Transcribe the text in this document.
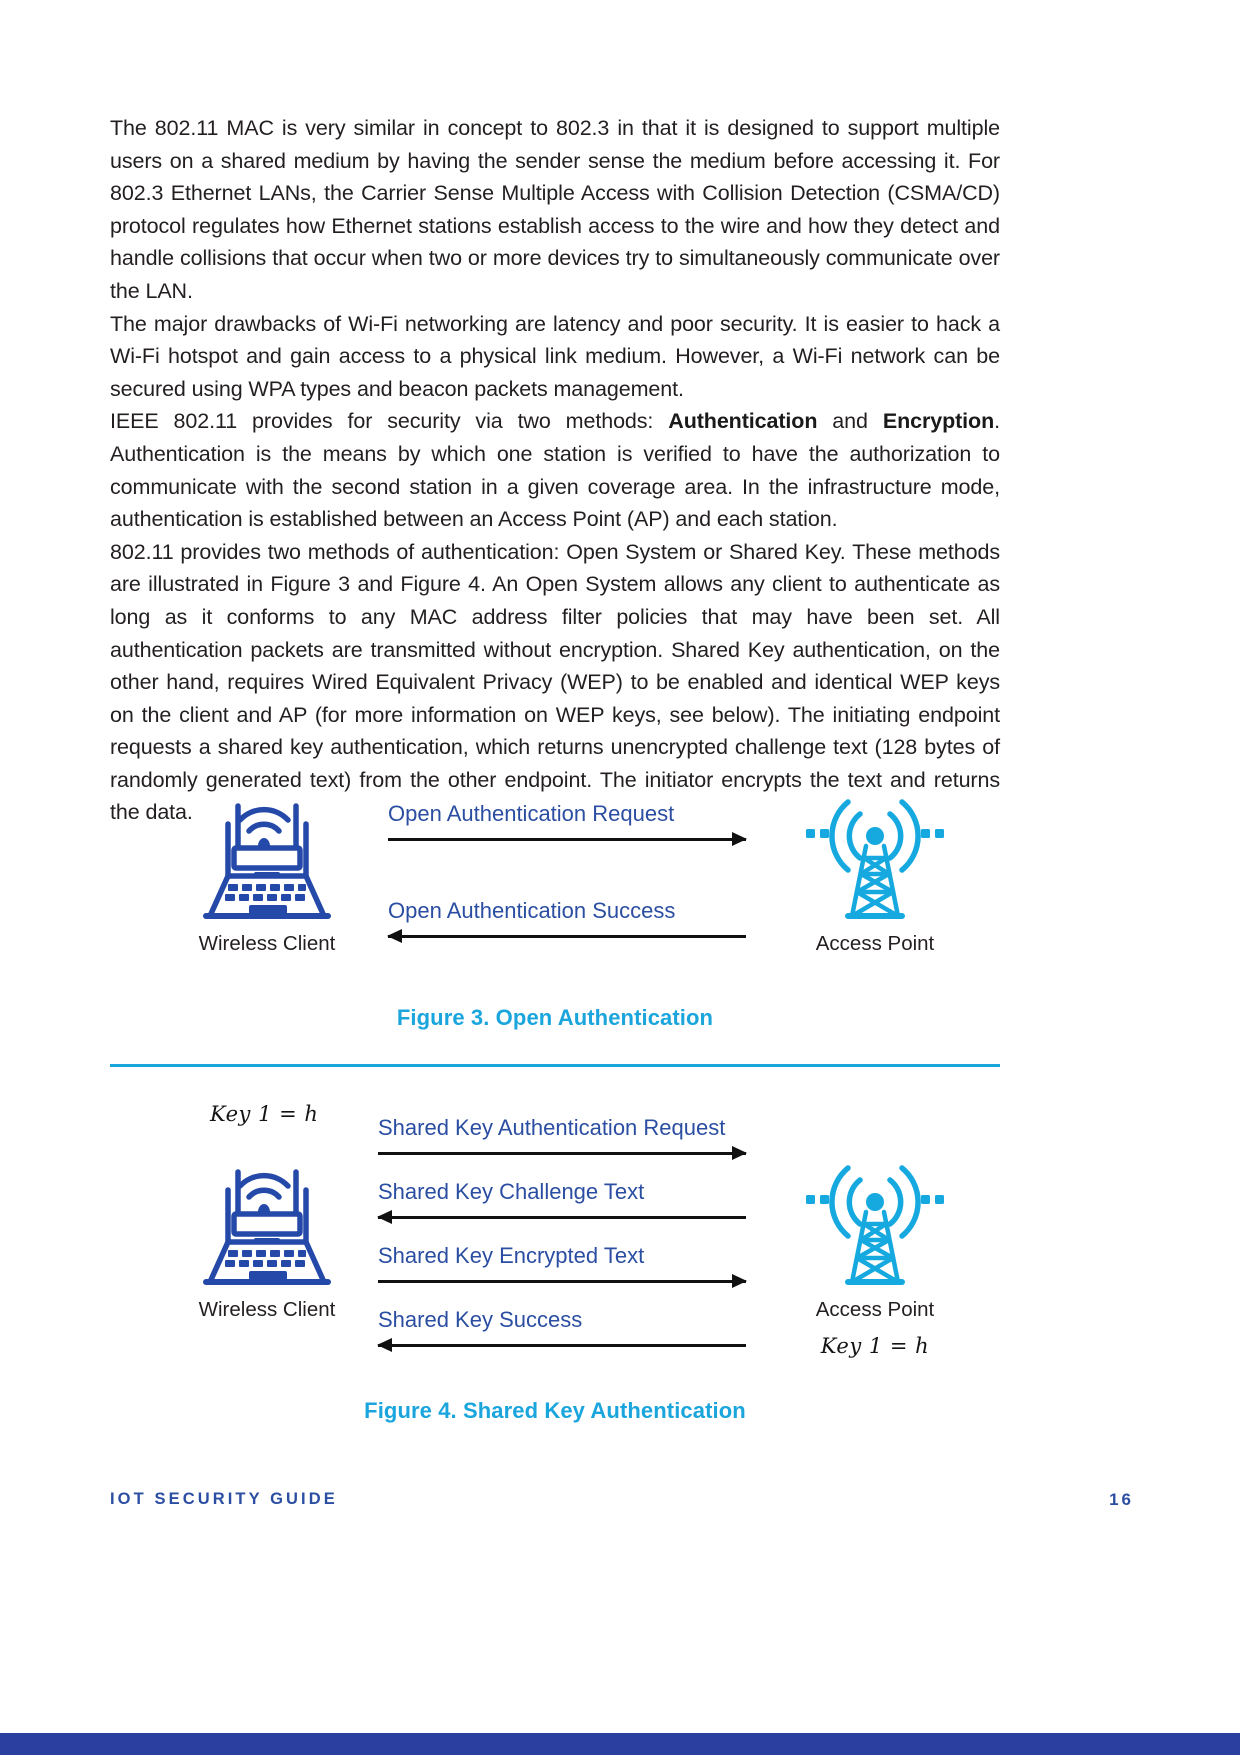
The 802.11 MAC is very similar in concept to 802.3 in that it is designed to support multiple users on a shared medium by having the sender sense the medium before accessing it. For 802.3 Ethernet LANs, the Carrier Sense Multiple Access with Collision Detection (CSMA/CD) protocol regulates how Ethernet stations establish access to the wire and how they detect and handle collisions that occur when two or more devices try to simultaneously communicate over the LAN.

The major drawbacks of Wi-Fi networking are latency and poor security. It is easier to hack a Wi-Fi hotspot and gain access to a physical link medium. However, a Wi-Fi network can be secured using WPA types and beacon packets management.

IEEE 802.11 provides for security via two methods: Authentication and Encryption. Authentication is the means by which one station is verified to have the authorization to communicate with the second station in a given coverage area. In the infrastructure mode, authentication is established between an Access Point (AP) and each station.

802.11 provides two methods of authentication: Open System or Shared Key. These methods are illustrated in Figure 3 and Figure 4. An Open System allows any client to authenticate as long as it conforms to any MAC address filter policies that may have been set. All authentication packets are transmitted without encryption. Shared Key authentication, on the other hand, requires Wired Equivalent Privacy (WEP) to be enabled and identical WEP keys on the client and AP (for more information on WEP keys, see below). The initiating endpoint requests a shared key authentication, which returns unencrypted challenge text (128 bytes of randomly generated text) from the other endpoint. The initiator encrypts the text and returns the data.

Wireless Client
Open Authentication Request
Open Authentication Success
Access Point
Figure 3. Open Authentication
Key 1 = h
Wireless Client
Shared Key Authentication Request
Shared Key Challenge Text
Shared Key Encrypted Text
Shared Key Success	Access Point
Key 1 = h
Figure 4. Shared Key Authentication
IOT SECURITY GUIDE	16
